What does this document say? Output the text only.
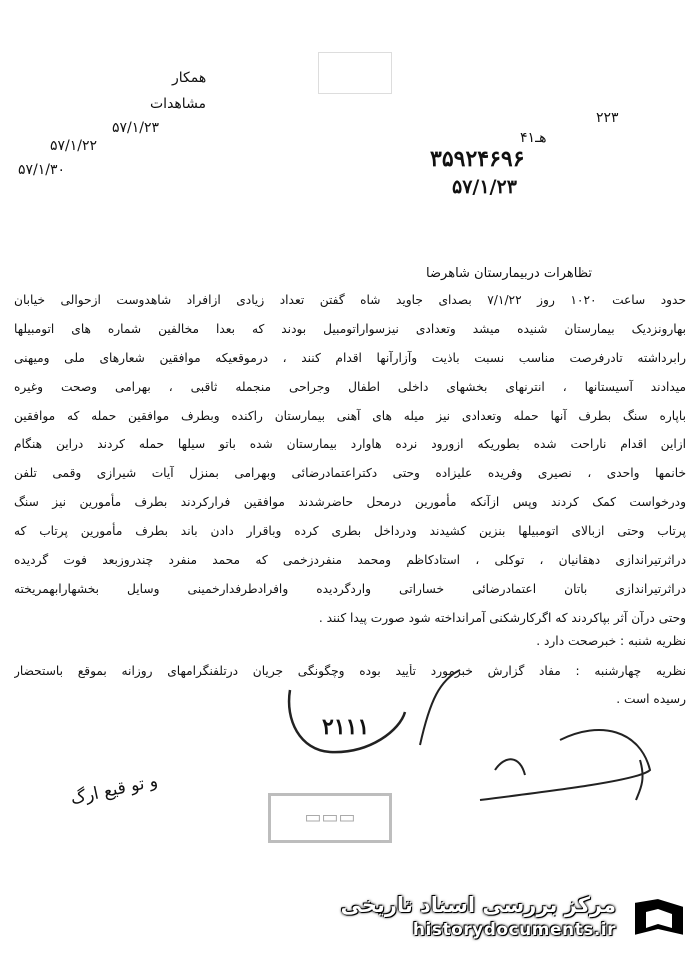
همکار
مشاهدات
۵۷/۱/۲۳
۵۷/۱/۲۲
۵۷/۱/۳۰
۲۲۳
۴هـ۱
۳۵۹۲۴۶۹۶
۵۷/۱/۲۳
تظاهرات دربیمارستان شاهرضا
حدود ساعت ۱۰۲۰ روز ۷/۱/۲۲ بصدای جاوید شاه گفتن تعداد زیادی ازافراد شاهدوست ازحوالی خیابان
بهارونزدیک بیمارستان شنیده میشد وتعدادی نیزسواراتومبیل بودند که بعدا مخالفین شماره های اتومبیلها
رابرداشته تادرفرصت مناسب نسبت باذیت وآزارآنها اقدام کنند ، درموقعیکه موافقین شعارهای ملی ومیهنی
میدادند آسیستانها ، انترنهای بخشهای داخلی اطفال وجراحی منجمله ثاقبی ، بهرامی وصحت وغیره
باپاره سنگ بطرف آنها حمله وتعدادی نیز میله های آهنی بیمارستان راکنده وبطرف موافقین حمله که موافقین
ازاین اقدام ناراحت شده بطوریکه ازورود نرده هاوارد بیمارستان شده باتو سیلها حمله کردند دراین هنگام
خانمها واحدی ، نصیری وفریده علیزاده وحتی دکتراعتمادرضائی وبهرامی بمنزل آیات شیرازی وقمی تلفن
ودرخواست کمک کردند وپس ازآنکه مأمورین درمحل حاضرشدند موافقین فرارکردند بطرف مأمورین نیز سنگ
پرتاب وحتی ازبالای اتومبیلها بنزین کشیدند ودرداخل بطری کرده وباقرار دادن باند بطرف مأمورین پرتاب که
دراثرتیراندازی دهقانیان ، توکلی ، استادکاظم ومحمد منفردزخمی که محمد منفرد چندروزبعد فوت گردیده
دراثرتیراندازی باتان اعتمادرضائی خساراتی واردگردیده وافرادطرفدارخمینی وسایل بخشهارابهمریخته
وحتی درآن آثر بپاکردند که اگرکارشکنی آمرانداخته شود صورت پیدا کنند .
نظریه شنبه : خبرصحت دارد .
نظریه چهارشنبه : مفاد گزارش خبرمورد تأیید بوده وچگونگی جریان درتلفنگرامهای روزانه بموقع باستحضار
رسیده است .
۲۱۱۱
و تو قیع ارگ
▭▭▭
مرکز بررسی اسناد تاریخی
historydocuments.ir
